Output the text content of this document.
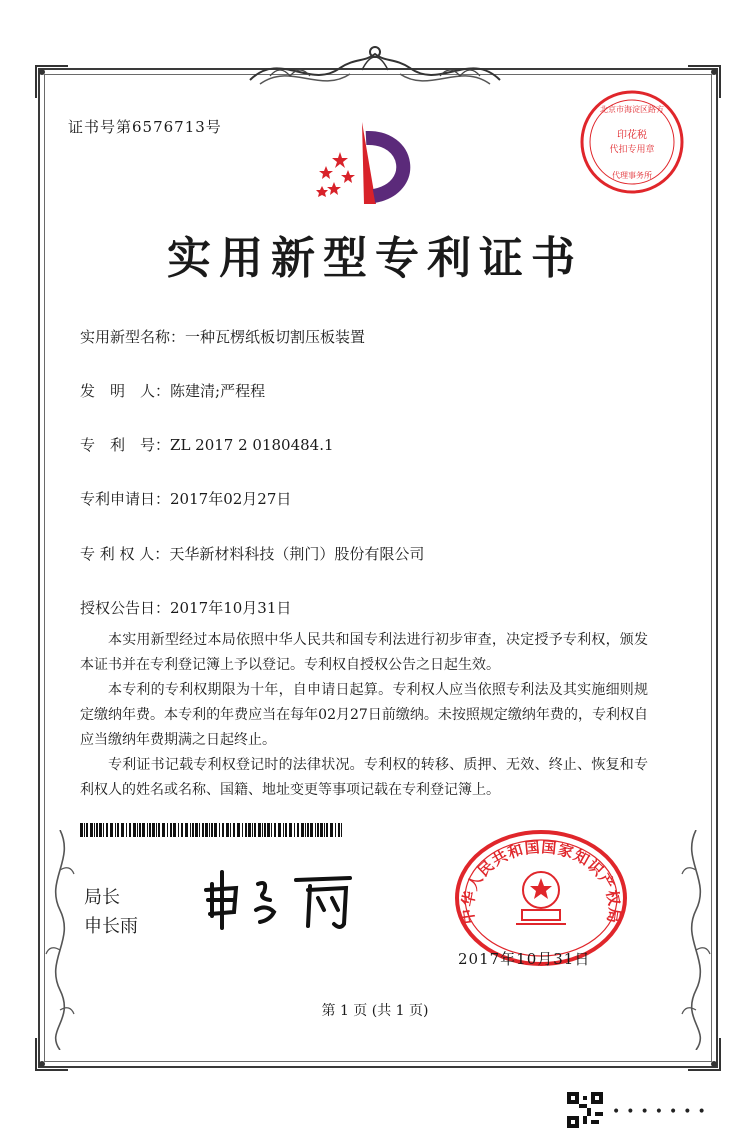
证书号第6576713号	印花税
代扣专用章
北京市海淀区路方
代理事务所
实用新型专利证书
实用新型名称：一种瓦楞纸板切割压板装置
发　明　人：陈建清;严程程
专　利　号：ZL 2017 2 0180484.1
专利申请日：2017年02月27日
专 利 权 人：天华新材料科技（荆门）股份有限公司
授权公告日：2017年10月31日

本实用新型经过本局依照中华人民共和国专利法进行初步审查，决定授予专利权，颁发本证书并在专利登记簿上予以登记。专利权自授权公告之日起生效。

本专利的专利权期限为十年，自申请日起算。专利权人应当依照专利法及其实施细则规定缴纳年费。本专利的年费应当在每年02月27日前缴纳。未按照规定缴纳年费的，专利权自应当缴纳年费期满之日起终止。

专利证书记载专利权登记时的法律状况。专利权的转移、质押、无效、终止、恢复和专利权人的姓名或名称、国籍、地址变更等事项记载在专利登记簿上。

局长
申长雨
中华人民共和国国家知识产权局
2017年10月31日
第 1 页 (共 1 页)
•••••••
